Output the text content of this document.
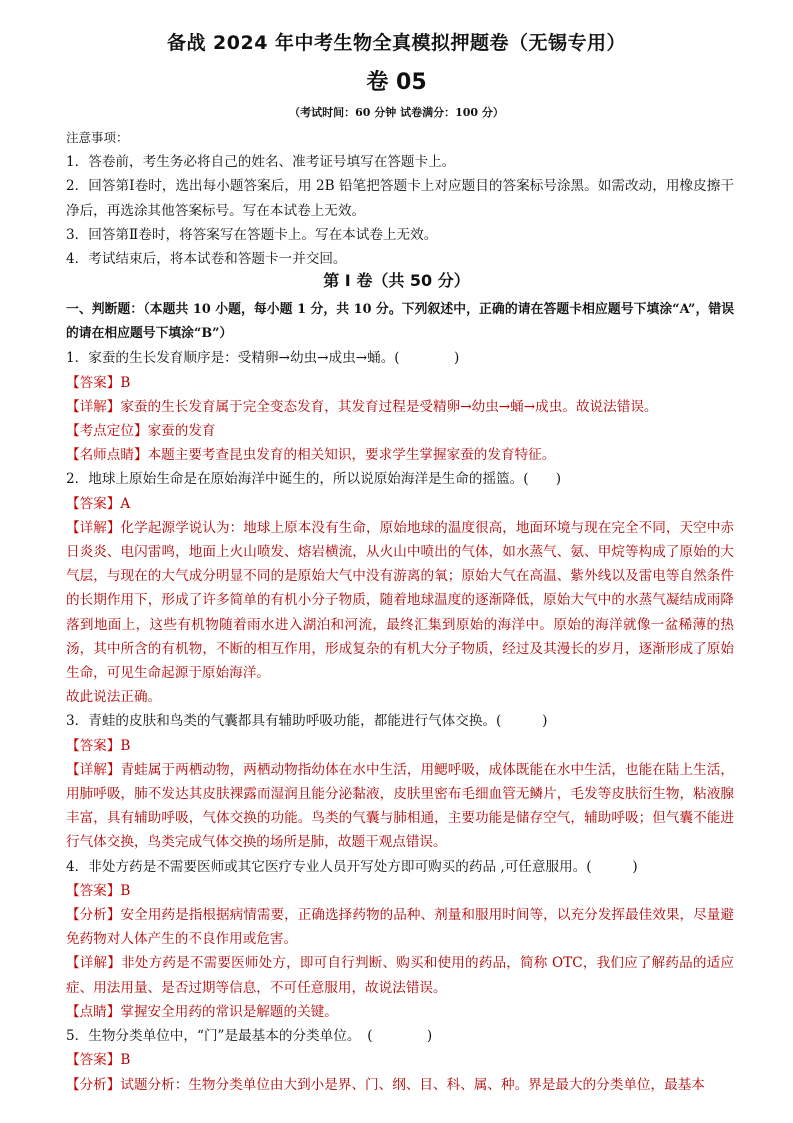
备战 2024 年中考生物全真模拟押题卷（无锡专用）
卷 05
（考试时间：60 分钟 试卷满分：100 分）
注意事项：
1．答卷前，考生务必将自己的姓名、准考证号填写在答题卡上。
2．回答第Ⅰ卷时，选出每小题答案后，用 2B 铅笔把答题卡上对应题目的答案标号涂黑。如需改动，用橡皮擦干净后，再选涂其他答案标号。写在本试卷上无效。
3．回答第Ⅱ卷时，将答案写在答题卡上。写在本试卷上无效。
4．考试结束后，将本试卷和答题卡一并交回。
第 I 卷（共 50 分）
一、判断题：（本题共 10 小题，每小题 1 分，共 10 分。下列叙述中，正确的请在答题卡相应题号下填涂“A”，错误的请在相应题号下填涂“B”）
1．家蚕的生长发育顺序是：受精卵→幼虫→成虫→蛹。(　　　　)
【答案】B
【详解】家蚕的生长发育属于完全变态发育，其发育过程是受精卵→幼虫→蛹→成虫。故说法错误。
【考点定位】家蚕的发育
【名师点睛】本题主要考查昆虫发育的相关知识，要求学生掌握家蚕的发育特征。
2．地球上原始生命是在原始海洋中诞生的，所以说原始海洋是生命的摇篮。(　　)
【答案】A
【详解】化学起源学说认为：地球上原本没有生命，原始地球的温度很高，地面环境与现在完全不同，天空中赤日炎炎、电闪雷鸣，地面上火山喷发、熔岩横流，从火山中喷出的气体，如水蒸气、氨、甲烷等构成了原始的大气层，与现在的大气成分明显不同的是原始大气中没有游离的氧；原始大气在高温、紫外线以及雷电等自然条件的长期作用下，形成了许多简单的有机小分子物质，随着地球温度的逐渐降低，原始大气中的水蒸气凝结成雨降落到地面上，这些有机物随着雨水进入湖泊和河流，最终汇集到原始的海洋中。原始的海洋就像一盆稀薄的热汤，其中所含的有机物，不断的相互作用，形成复杂的有机大分子物质，经过及其漫长的岁月，逐渐形成了原始生命，可见生命起源于原始海洋。
故此说法正确。
3．青蛙的皮肤和鸟类的气囊都具有辅助呼吸功能，都能进行气体交换。(　　　)
【答案】B
【详解】青蛙属于两栖动物，两栖动物指幼体在水中生活，用鳃呼吸，成体既能在水中生活，也能在陆上生活，用肺呼吸，肺不发达其皮肤裸露而湿润且能分泌黏液，皮肤里密布毛细血管无鳞片，毛发等皮肤衍生物，粘液腺丰富，具有辅助呼吸，气体交换的功能。鸟类的气囊与肺相通，主要功能是储存空气，辅助呼吸；但气囊不能进行气体交换，鸟类完成气体交换的场所是肺，故题干观点错误。
4．非处方药是不需要医师或其它医疗专业人员开写处方即可购买的药品 ,可任意服用。(　　　)
【答案】B
【分析】安全用药是指根据病情需要，正确选择药物的品种、剂量和服用时间等，以充分发挥最佳效果，尽量避免药物对人体产生的不良作用或危害。
【详解】非处方药是不需要医师处方，即可自行判断、购买和使用的药品，简称 OTC，我们应了解药品的适应症、用法用量、是否过期等信息，不可任意服用，故说法错误。
【点睛】掌握安全用药的常识是解题的关键。
5．生物分类单位中，“门”是最基本的分类单位。　(　　　　)
【答案】B
【分析】试题分析：生物分类单位由大到小是界、门、纲、目、科、属、种。界是最大的分类单位，最基本
